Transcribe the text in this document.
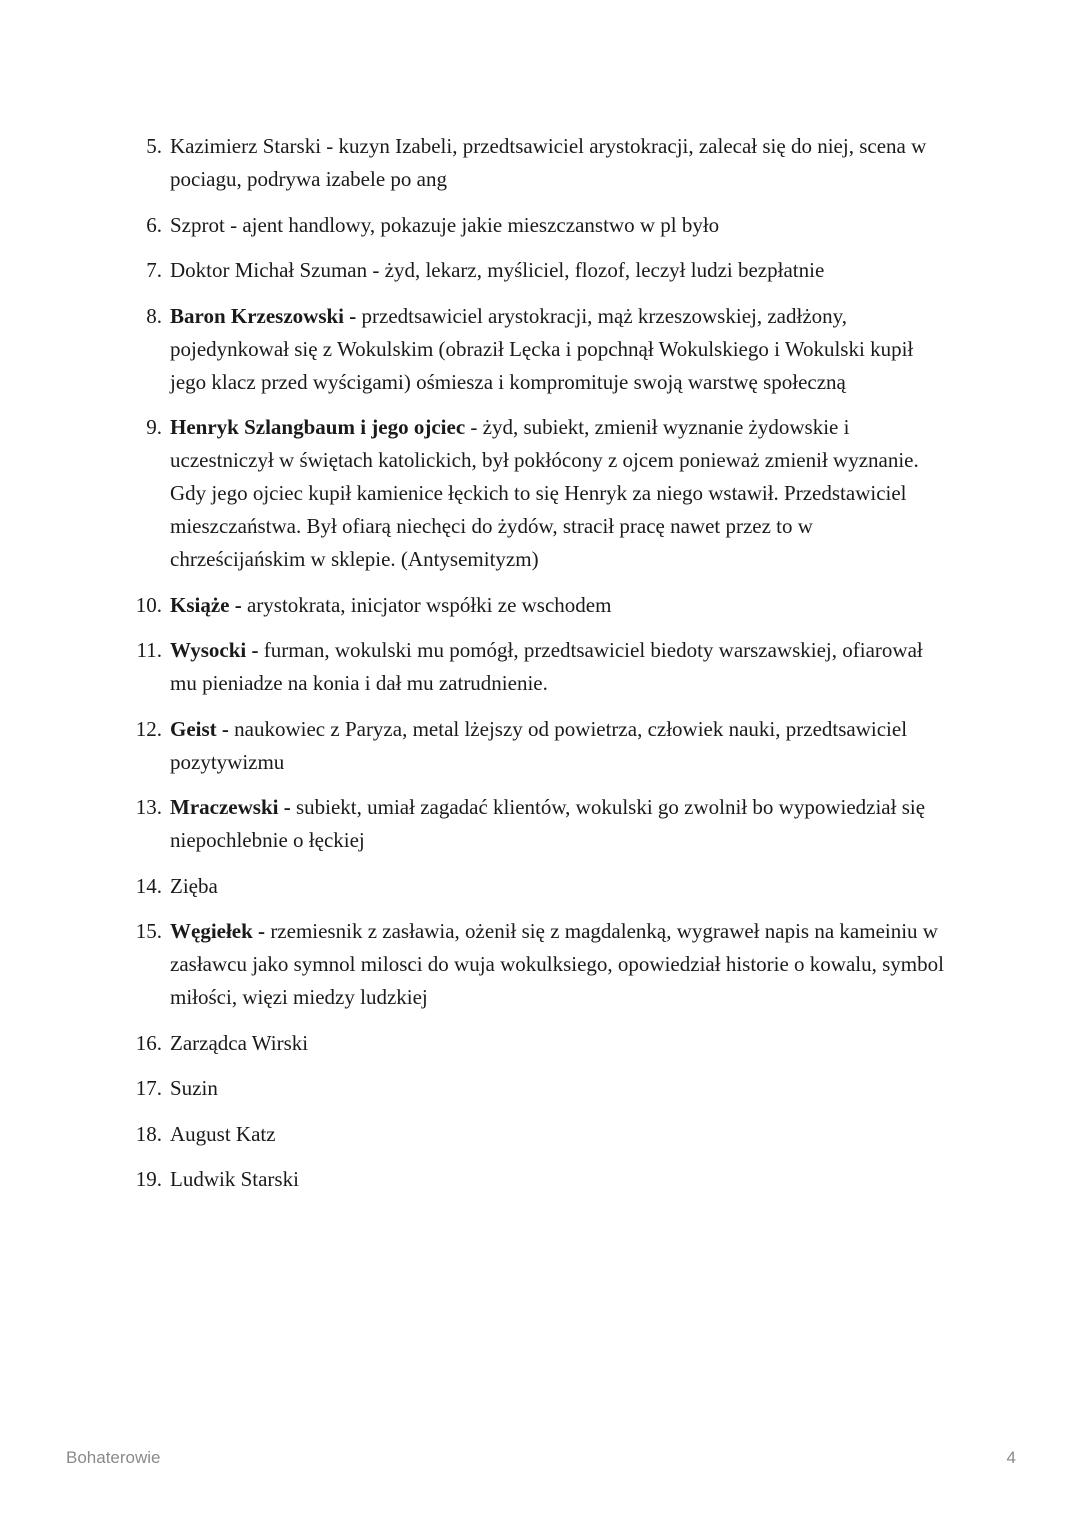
5. Kazimierz Starski - kuzyn Izabeli, przedtsawiciel arystokracji, zalecał się do niej, scena w pociagu, podrywa izabele po ang
6. Szprot - ajent handlowy, pokazuje jakie mieszczanstwo w pl było
7. Doktor Michał Szuman - żyd, lekarz, myśliciel, flozof, leczył ludzi bezpłatnie
8. Baron Krzeszowski - przedtsawiciel arystokracji, mąż krzeszowskiej, zadłżony, pojedynkował się z Wokulskim (obraził Lęcka i popchnął Wokulskiego i Wokulski kupił jego klacz przed wyścigami) ośmiesza i kompromituje swoją warstwę społeczną
9. Henryk Szlangbaum i jego ojciec - żyd, subiekt, zmienił wyznanie żydowskie i uczestniczył w świętach katolickich, był pokłócony z ojcem ponieważ zmienił wyznanie. Gdy jego ojciec kupił kamienice łęckich to się Henryk za niego wstawił. Przedstawiciel mieszczaństwa. Był ofiarą niechęci do żydów, stracił pracę nawet przez to w chrześcijańskim w sklepie. (Antysemityzm)
10. Książe - arystokrata, inicjator współki ze wschodem
11. Wysocki - furman, wokulski mu pomógł, przedtsawiciel biedoty warszawskiej, ofiarował mu pieniadze na konia i dał mu zatrudnienie.
12. Geist - naukowiec z Paryza, metal lżejszy od powietrza, człowiek nauki, przedtsawiciel pozytywizmu
13. Mraczewski - subiekt, umiał zagadać klientów, wokulski go zwolnił bo wypowiedział się niepochlebnie o łęckiej
14. Zięba
15. Węgiełek - rzemiesnik z zasławia, ożenił się z magdalenką, wygraweł napis na kameiniu w zasławcu jako symnol milosci do wuja wokulksiego, opowiedział historie o kowalu, symbol miłości, więzi miedzy ludzkiej
16. Zarządca Wirski
17. Suzin
18. August Katz
19. Ludwik Starski
Bohaterowie	4
